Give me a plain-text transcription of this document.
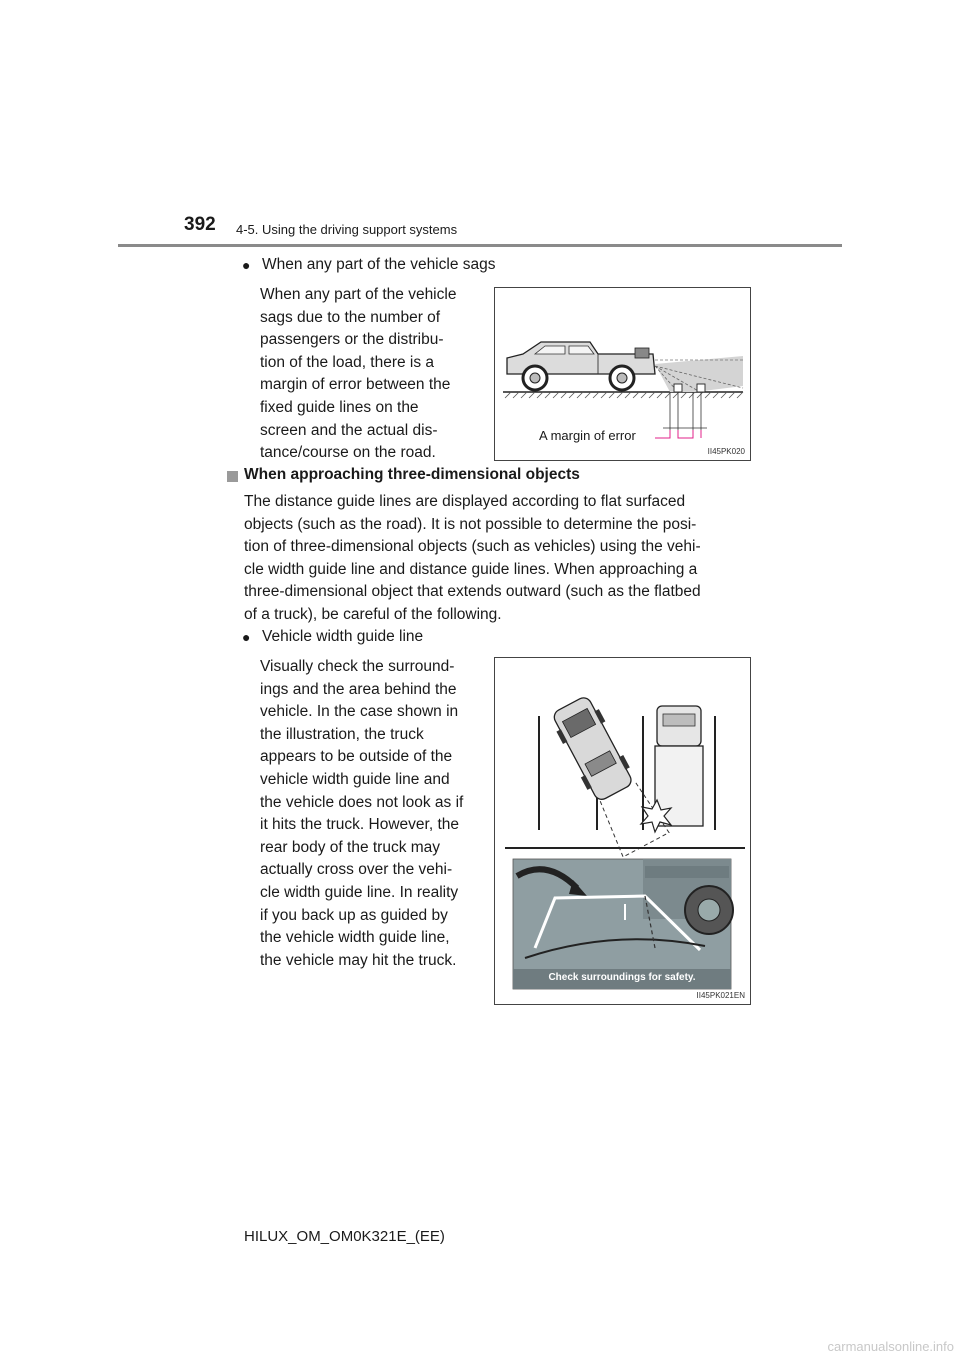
392 4-5. Using the driving support systems
● When any part of the vehicle sags
When any part of the vehicle
sags due to the number of
passengers or the distribu-
tion of the load, there is a
margin of error between the
fixed guide lines on the
screen and the actual dis-
tance/course on the road.
A margin of error
II45PK020
When approaching three-dimensional objects
The distance guide lines are displayed according to flat surfaced
objects (such as the road). It is not possible to determine the posi-
tion of three-dimensional objects (such as vehicles) using the vehi-
cle width guide line and distance guide lines. When approaching a
three-dimensional object that extends outward (such as the flatbed
of a truck), be careful of the following.
● Vehicle width guide line
Visually check the surround-
ings and the area behind the
vehicle. In the case shown in
the illustration, the truck
appears to be outside of the
vehicle width guide line and
the vehicle does not look as if
it hits the truck. However, the
rear body of the truck may
actually cross over the vehi-
cle width guide line. In reality
if you back up as guided by
the vehicle width guide line,
the vehicle may hit the truck.
Check surroundings for safety.
II45PK021EN
HILUX_OM_OM0K321E_(EE)
carmanualsonline.info
